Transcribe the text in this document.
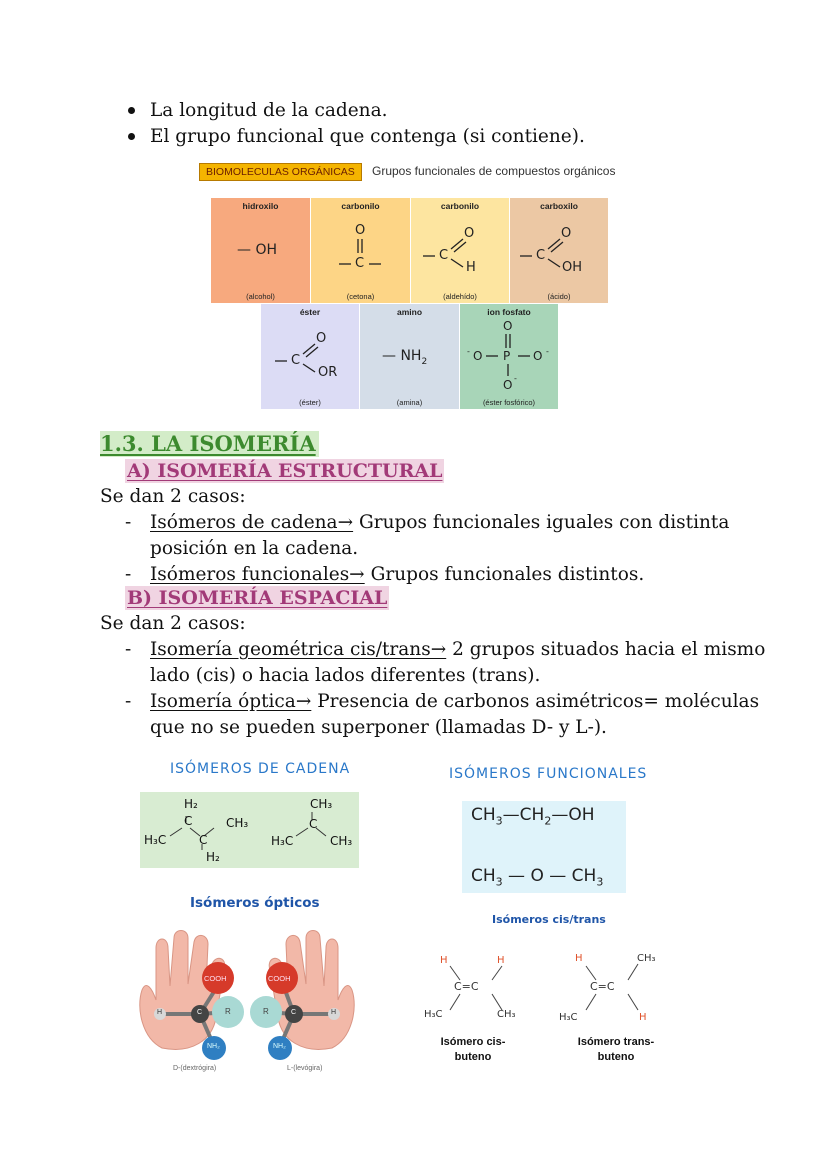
La longitud de la cadena.
El grupo funcional que contenga (si contiene).
BIOMOLECULAS ORGÁNICAS	Grupos funcionales de compuestos orgánicos
hidroxilo
— OH
(alcohol)
carbonilo
O
C
(cetona)
carbonilo
C
O
H
(aldehído)
carboxilo
C
O
OH
(ácido)
éster
C
O
OR
(éster)
amino
— $NH_2$
(amina)
ion fosfato
-	-
-
O
O P O
O
(éster fosfórico)
1.3. LA ISOMERÍA
A) ISOMERÍA ESTRUCTURAL
Se dan 2 casos:
- Isómeros de cadena→ Grupos funcionales iguales con distinta
posición en la cadena.
- Isómeros funcionales→ Grupos funcionales distintos.
B) ISOMERÍA ESPACIAL
Se dan 2 casos:
- Isomería geométrica cis/trans→ 2 grupos situados hacia el mismo
lado (cis) o hacia lados diferentes (trans).
- Isomería óptica→ Presencia de carbonos asimétricos= moléculas
que no se pueden superponer (llamadas D- y L-).
ISÓMEROS DE CADENA
H₂
C	CH₃
H₃C	C
H₂
CH₃
C
H₃C	CH₃
ISÓMEROS FUNCIONALES
$CH_3—CH_2—OH$
$CH_3$ — O — $CH_3$
Isómeros ópticos
COOH
R
C
H
NH₂
COOH
R	C	H
NH₂
D-(dextrógira)	L-(levógira)
Isómeros cis/trans
H	H
C=C
H₃C	CH₃
Isómero cis-
buteno
H	CH₃
C=C
H₃C	H
Isómero trans-
buteno
